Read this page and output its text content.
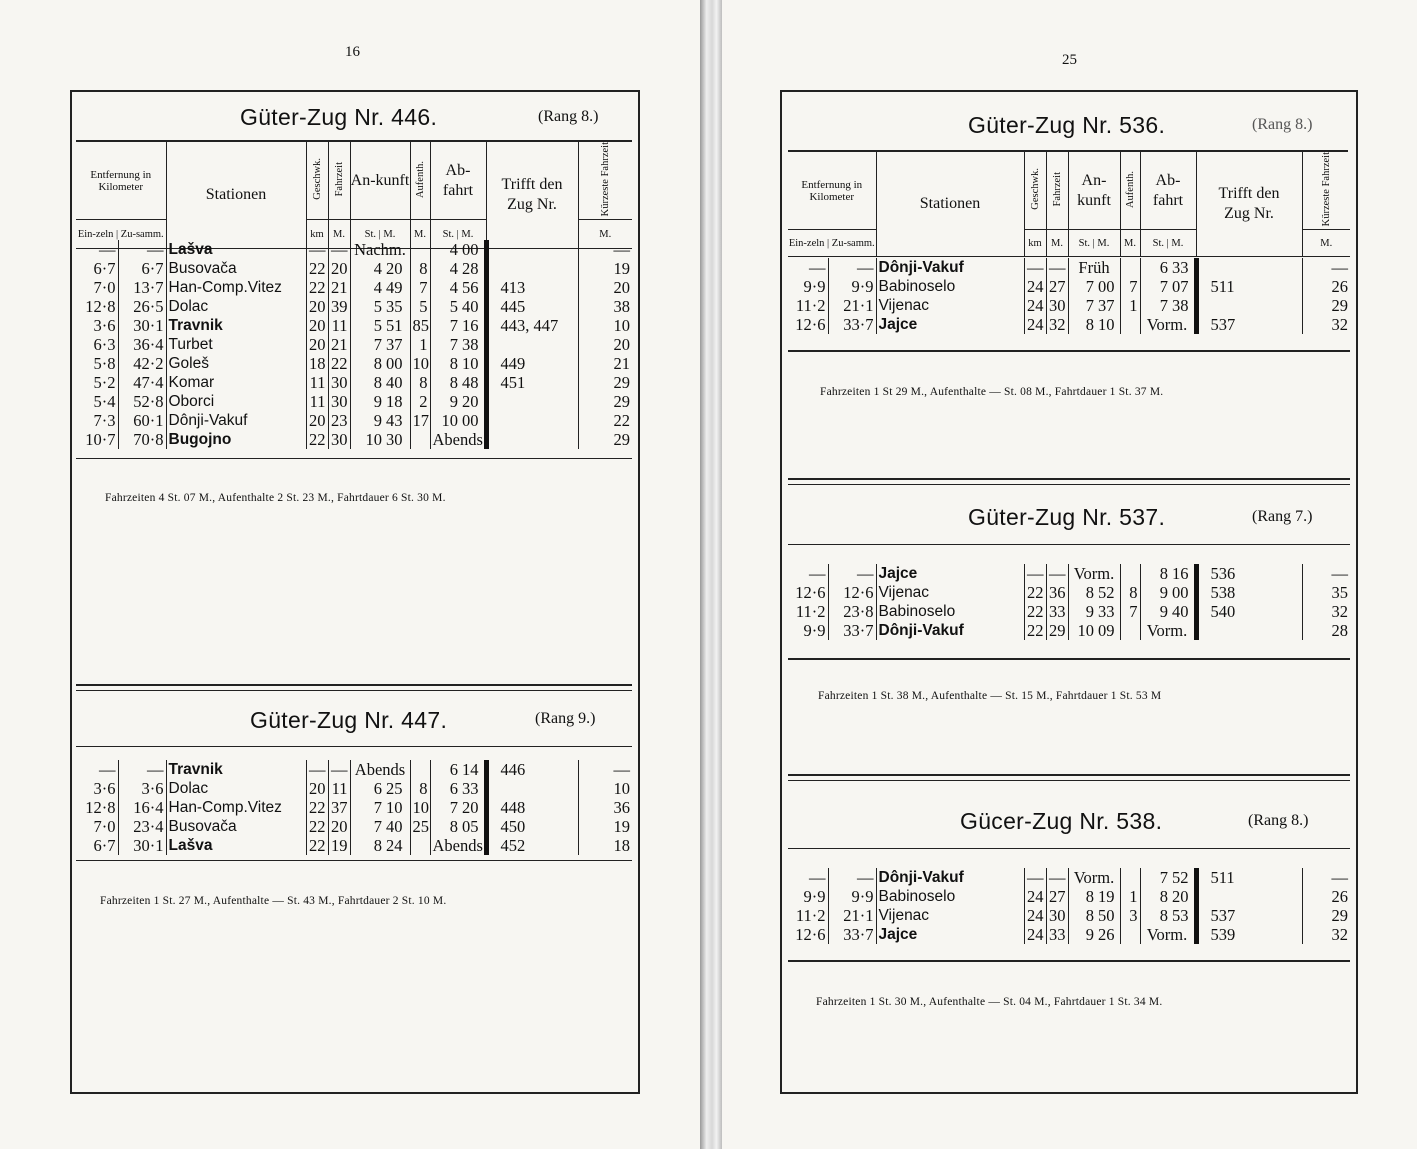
16
Güter-Zug Nr. 446.	(Rang 8.)
Entfernung in Kilometer	Stationen	Geschwk.	Fahrzeit	An-kunft	Aufenth.	Ab-fahrt	Trifft den Zug Nr.	Kürzeste Fahrzeit
Ein-zeln | Zu-samm.		km	M.	St. | M.	M.	St. | M.		M.
—	—	Lašva	—	—	Nachm.			4	00		—
6·7	6·7	Busovača	22	20	4	20	8	4	28		19
7·0	13·7	Han-Comp.Vitez	22	21	4	49	7	4	56	413	20
12·8	26·5	Dolac	20	39	5	35	5	5	40	445	38
3·6	30·1	Travnik	20	11	5	51	85	7	16	443, 447	10
6·3	36·4	Turbet	20	21	7	37	1	7	38		20
5·8	42·2	Goleš	18	22	8	00	10	8	10	449	21
5·2	47·4	Komar	11	30	8	40	8	8	48	451	29
5·4	52·8	Oborci	11	30	9	18	2	9	20		29
7·3	60·1	Dônji-Vakuf	20	23	9	43	17	10	00		22
10·7	70·8	Bugojno	22	30	10	30		Abends			29
Fahrzeiten 4 St. 07 M., Aufenthalte 2 St. 23 M., Fahrtdauer 6 St. 30 M.
Güter-Zug Nr. 447.	(Rang 9.)
—	—	Travnik	—	—	Abends			6	14	446	—
3·6	3·6	Dolac	20	11	6	25	8	6	33		10
12·8	16·4	Han-Comp.Vitez	22	37	7	10	10	7	20	448	36
7·0	23·4	Busovača	22	20	7	40	25	8	05	450	19
6·7	30·1	Lašva	22	19	8	24		Abends		452	18
Fahrzeiten 1 St. 27 M., Aufenthalte — St. 43 M., Fahrtdauer 2 St. 10 M.
25
Güter-Zug Nr. 536.	(Rang 8.)
Entfernung in Kilometer	Stationen	Geschwk.	Fahrzeit	An-kunft	Aufenth.	Ab-fahrt	Trifft den Zug Nr.	Kürzeste Fahrzeit
Ein-zeln | Zu-samm.		km	M.	St. | M.	M.	St. | M.		M.
—	—	Dônji-Vakuf	—	—	Früh			6	33		—
9·9	9·9	Babinoselo	24	27	7	00	7	7	07	511	26
11·2	21·1	Vijenac	24	30	7	37	1	7	38		29
12·6	33·7	Jajce	24	32	8	10		Vorm.		537	32
Fahrzeiten 1 St 29 M., Aufenthalte — St. 08 M., Fahrtdauer 1 St. 37 M.
Güter-Zug Nr. 537.	(Rang 7.)
—	—	Jajce	—	—	Vorm.			8	16	536	—
12·6	12·6	Vijenac	22	36	8	52	8	9	00	538	35
11·2	23·8	Babinoselo	22	33	9	33	7	9	40	540	32
9·9	33·7	Dônji-Vakuf	22	29	10	09		Vorm.			28
Fahrzeiten 1 St. 38 M., Aufenthalte — St. 15 M., Fahrtdauer 1 St. 53 M
Gücer-Zug Nr. 538.	(Rang 8.)
—	—	Dônji-Vakuf	—	—	Vorm.			7	52	511	—
9·9	9·9	Babinoselo	24	27	8	19	1	8	20		26
11·2	21·1	Vijenac	24	30	8	50	3	8	53	537	29
12·6	33·7	Jajce	24	33	9	26		Vorm.		539	32
Fahrzeiten 1 St. 30 M., Aufenthalte — St. 04 M., Fahrtdauer 1 St. 34 M.
